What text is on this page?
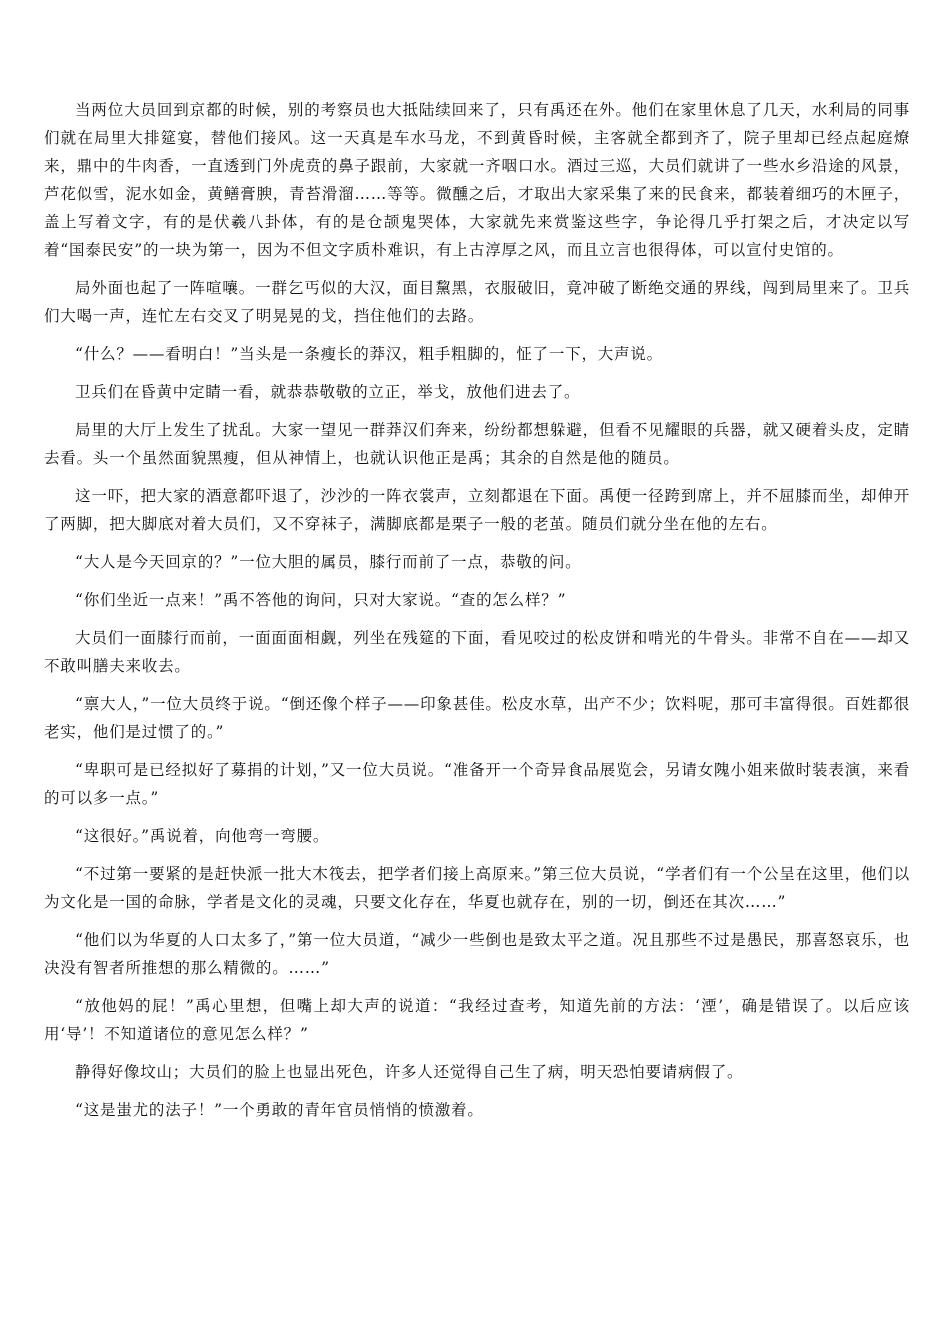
当两位大员回到京都的时候，别的考察员也大抵陆续回来了，只有禹还在外。他们在家里休息了几天，水利局的同事们就在局里大排筵宴，替他们接风。这一天真是车水马龙，不到黄昏时候，主客就全都到齐了，院子里却已经点起庭燎来，鼎中的牛肉香，一直透到门外虎贲的鼻子跟前，大家就一齐咽口水。酒过三巡，大员们就讲了一些水乡沿途的风景，芦花似雪，泥水如金，黄鳝膏腴，青苔滑溜……等等。微醺之后，才取出大家采集了来的民食来，都装着细巧的木匣子，盖上写着文字，有的是伏羲八卦体，有的是仓颉鬼哭体，大家就先来赏鉴这些字，争论得几乎打架之后，才决定以写着“国泰民安”的一块为第一，因为不但文字质朴难识，有上古淳厚之风，而且立言也很得体，可以宣付史馆的。

局外面也起了一阵喧嚷。一群乞丐似的大汉，面目黧黑，衣服破旧，竟冲破了断绝交通的界线，闯到局里来了。卫兵们大喝一声，连忙左右交叉了明晃晃的戈，挡住他们的去路。

“什么？——看明白！”当头是一条瘦长的莽汉，粗手粗脚的，怔了一下，大声说。

卫兵们在昏黄中定睛一看，就恭恭敬敬的立正，举戈，放他们进去了。

局里的大厅上发生了扰乱。大家一望见一群莽汉们奔来，纷纷都想躲避，但看不见耀眼的兵器，就又硬着头皮，定睛去看。头一个虽然面貌黑瘦，但从神情上，也就认识他正是禹；其余的自然是他的随员。

这一吓，把大家的酒意都吓退了，沙沙的一阵衣裳声，立刻都退在下面。禹便一径跨到席上，并不屈膝而坐，却伸开了两脚，把大脚底对着大员们，又不穿袜子，满脚底都是栗子一般的老茧。随员们就分坐在他的左右。

“大人是今天回京的？”一位大胆的属员，膝行而前了一点，恭敬的问。

“你们坐近一点来！”禹不答他的询问，只对大家说。“查的怎么样？”

大员们一面膝行而前，一面面面相觑，列坐在残筵的下面，看见咬过的松皮饼和啃光的牛骨头。非常不自在——却又不敢叫膳夫来收去。

“禀大人，”一位大员终于说。“倒还像个样子——印象甚佳。松皮水草，出产不少；饮料呢，那可丰富得很。百姓都很老实，他们是过惯了的。”

“卑职可是已经拟好了募捐的计划，”又一位大员说。“准备开一个奇异食品展览会，另请女隗小姐来做时装表演，来看的可以多一点。”

“这很好。”禹说着，向他弯一弯腰。

“不过第一要紧的是赶快派一批大木筏去，把学者们接上高原来。”第三位大员说，“学者们有一个公呈在这里，他们以为文化是一国的命脉，学者是文化的灵魂，只要文化存在，华夏也就存在，别的一切，倒还在其次……”

“他们以为华夏的人口太多了，”第一位大员道，“减少一些倒也是致太平之道。况且那些不过是愚民，那喜怒哀乐，也决没有智者所推想的那么精微的。……”

“放他妈的屁！”禹心里想，但嘴上却大声的说道：“我经过查考，知道先前的方法：‘湮’，确是错误了。以后应该用‘导’！不知道诸位的意见怎么样？”

静得好像坟山；大员们的脸上也显出死色，许多人还觉得自己生了病，明天恐怕要请病假了。

“这是蚩尤的法子！”一个勇敢的青年官员悄悄的愤激着。
